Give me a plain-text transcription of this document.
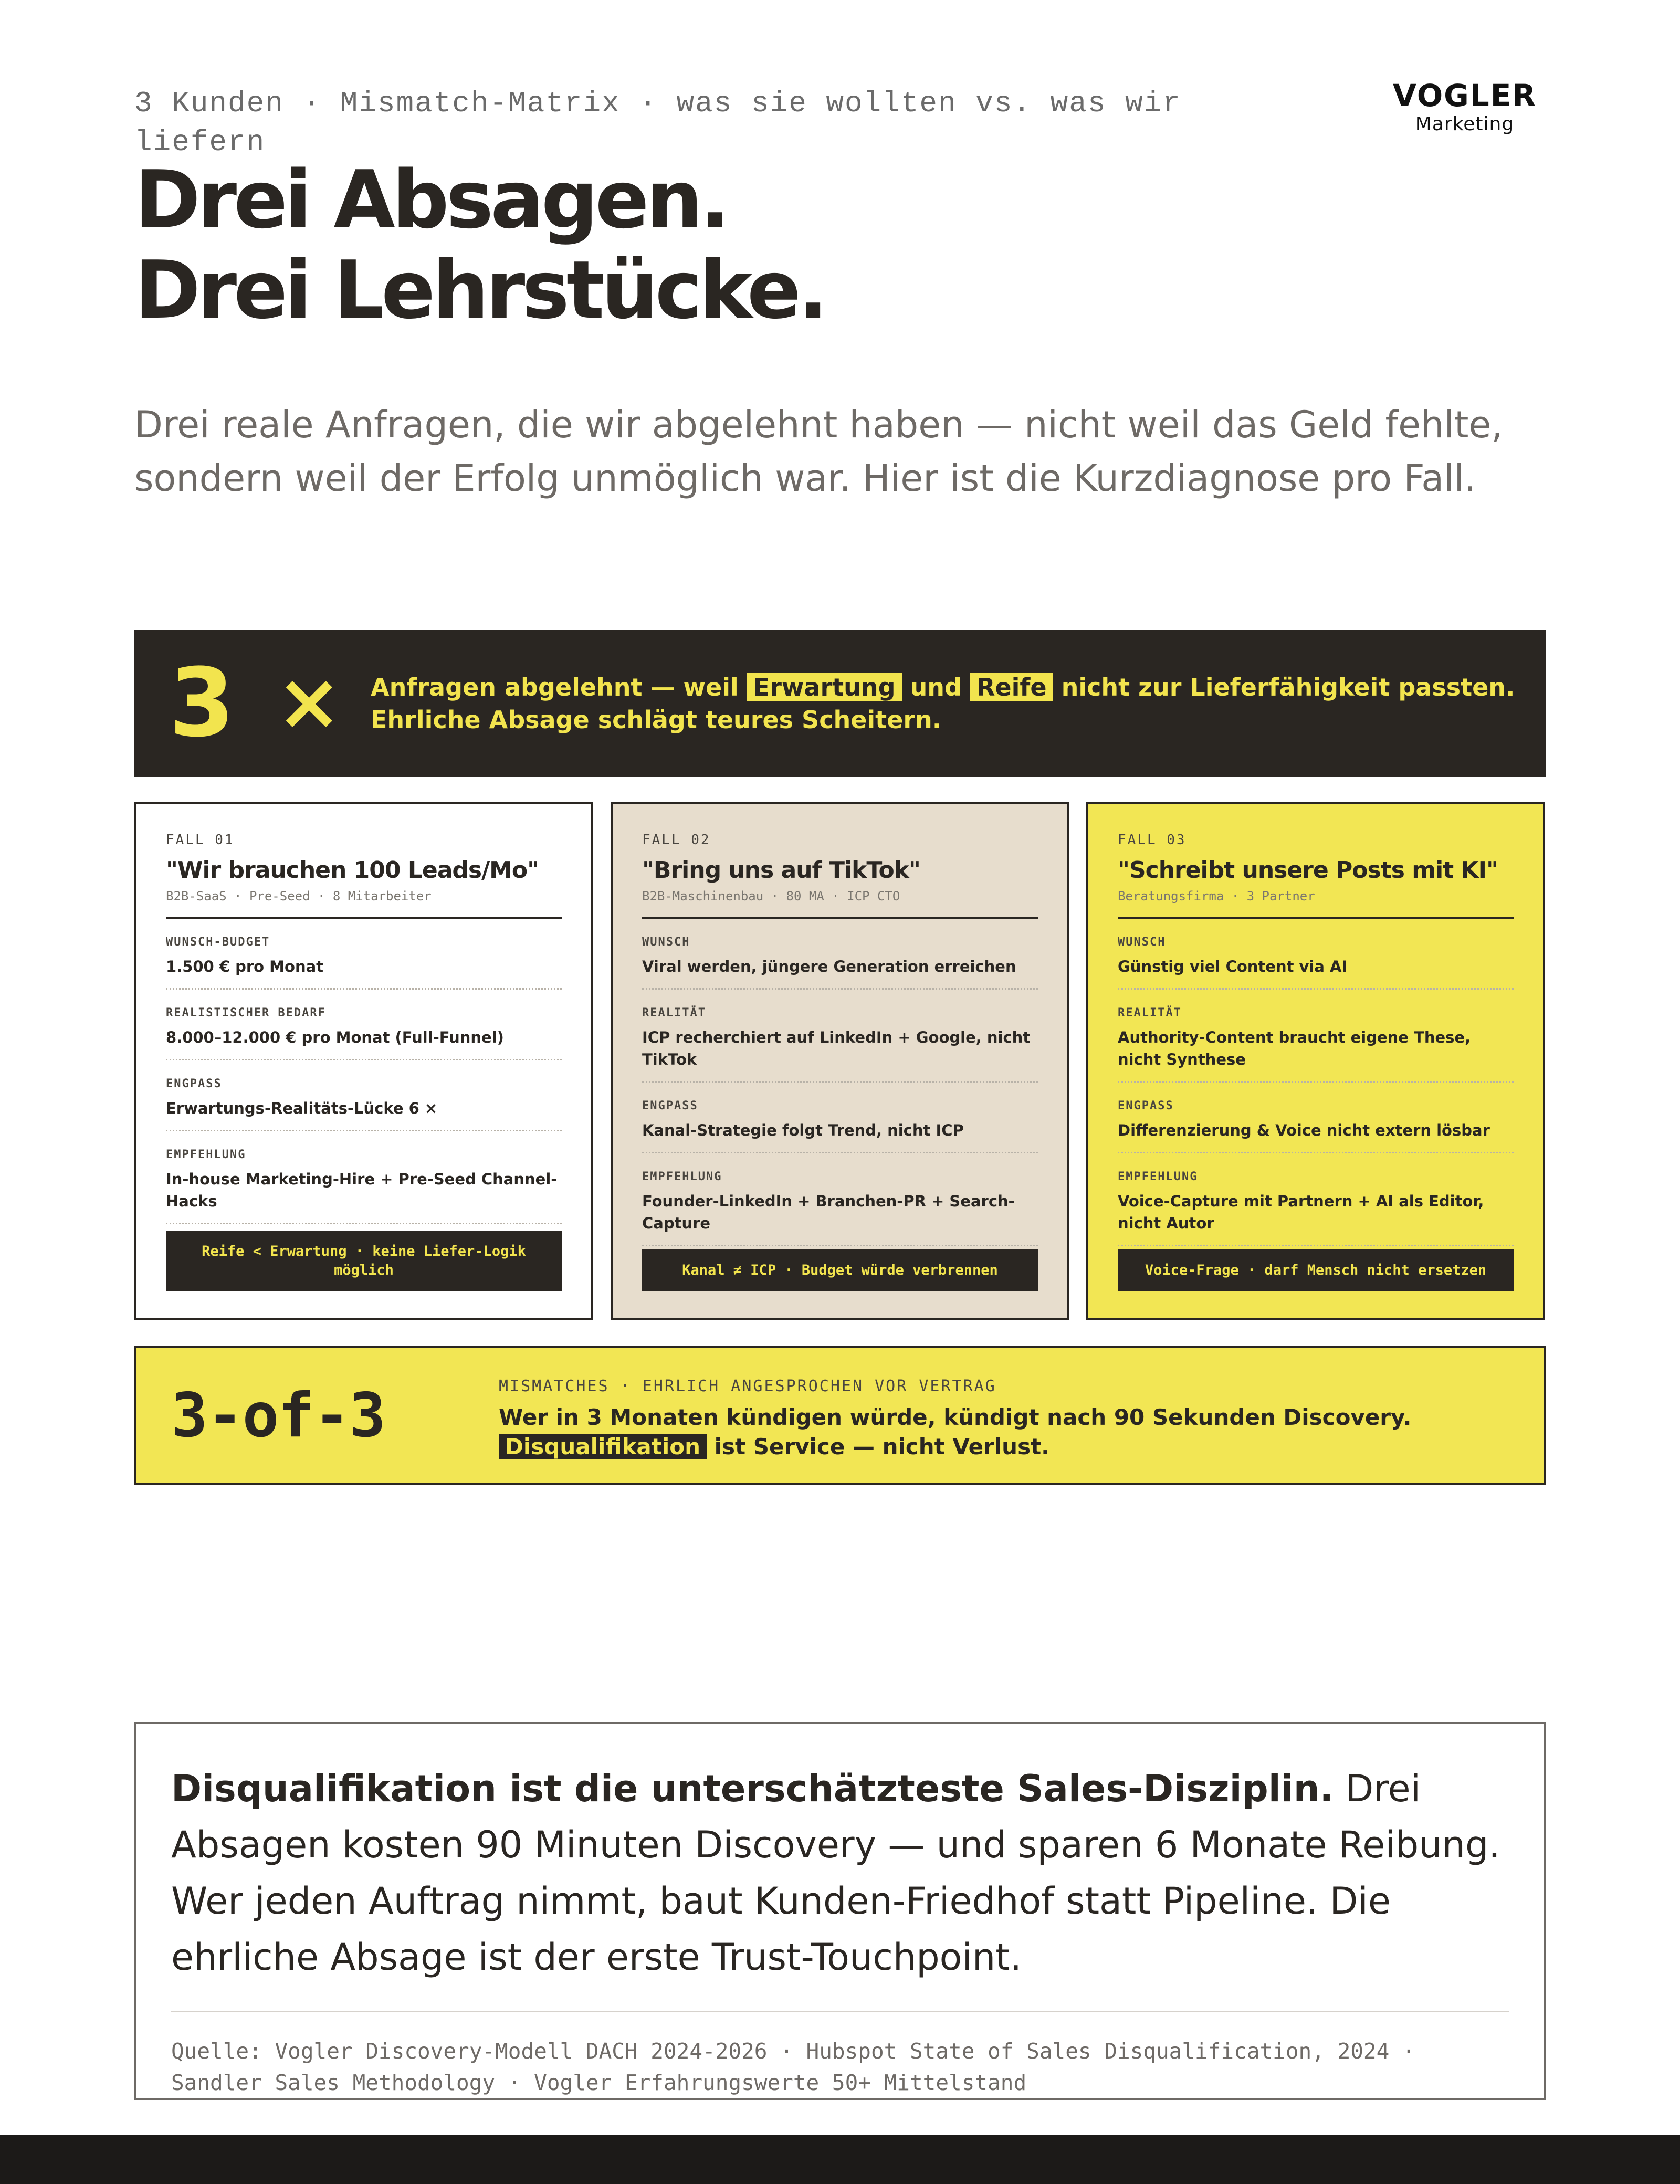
3 Kunden · Mismatch-Matrix · was sie wollten vs. was wir liefern
VOGLER
Marketing
Drei Absagen.
Drei Lehrstücke.

Drei reale Anfragen, die wir abgelehnt haben — nicht weil das Geld fehlte, sondern weil der Erfolg unmöglich war. Hier ist die Kurzdiagnose pro Fall.

3 × Anfragen abgelehnt — weil Erwartung und Reife nicht zur Lieferfähigkeit passten. Ehrliche Absage schlägt teures Scheitern.
FALL 01
"Wir brauchen 100 Leads/Mo"
B2B-SaaS · Pre-Seed · 8 Mitarbeiter
WUNSCH-BUDGET
1.500 € pro Monat
REALISTISCHER BEDARF
8.000–12.000 € pro Monat (Full-Funnel)
ENGPASS
Erwartungs-Realitäts-Lücke 6 ×
EMPFEHLUNG
In-house Marketing-Hire + Pre-Seed Channel-Hacks
Reife < Erwartung · keine Liefer-Logik möglich
FALL 02
"Bring uns auf TikTok"
B2B-Maschinenbau · 80 MA · ICP CTO
WUNSCH
Viral werden, jüngere Generation erreichen
REALITÄT
ICP recherchiert auf LinkedIn + Google, nicht TikTok
ENGPASS
Kanal-Strategie folgt Trend, nicht ICP
EMPFEHLUNG
Founder-LinkedIn + Branchen-PR + Search-Capture
Kanal ≠ ICP · Budget würde verbrennen
FALL 03
"Schreibt unsere Posts mit KI"
Beratungsfirma · 3 Partner
WUNSCH
Günstig viel Content via AI
REALITÄT
Authority-Content braucht eigene These, nicht Synthese
ENGPASS
Differenzierung & Voice nicht extern lösbar
EMPFEHLUNG
Voice-Capture mit Partnern + AI als Editor, nicht Autor
Voice-Frage · darf Mensch nicht ersetzen
3-of-3	MISMATCHES · EHRLICH ANGESPROCHEN VOR VERTRAG
Wer in 3 Monaten kündigen würde, kündigt nach 90 Sekunden Discovery. Disqualifikation ist Service — nicht Verlust.

Disqualifikation ist die unterschätzteste Sales-Disziplin. Drei Absagen kosten 90 Minuten Discovery — und sparen 6 Monate Reibung. Wer jeden Auftrag nimmt, baut Kunden-Friedhof statt Pipeline. Die ehrliche Absage ist der erste Trust-Touchpoint.

Quelle: Vogler Discovery-Modell DACH 2024-2026 · Hubspot State of Sales Disqualification, 2024 · Sandler Sales Methodology · Vogler Erfahrungswerte 50+ Mittelstand
